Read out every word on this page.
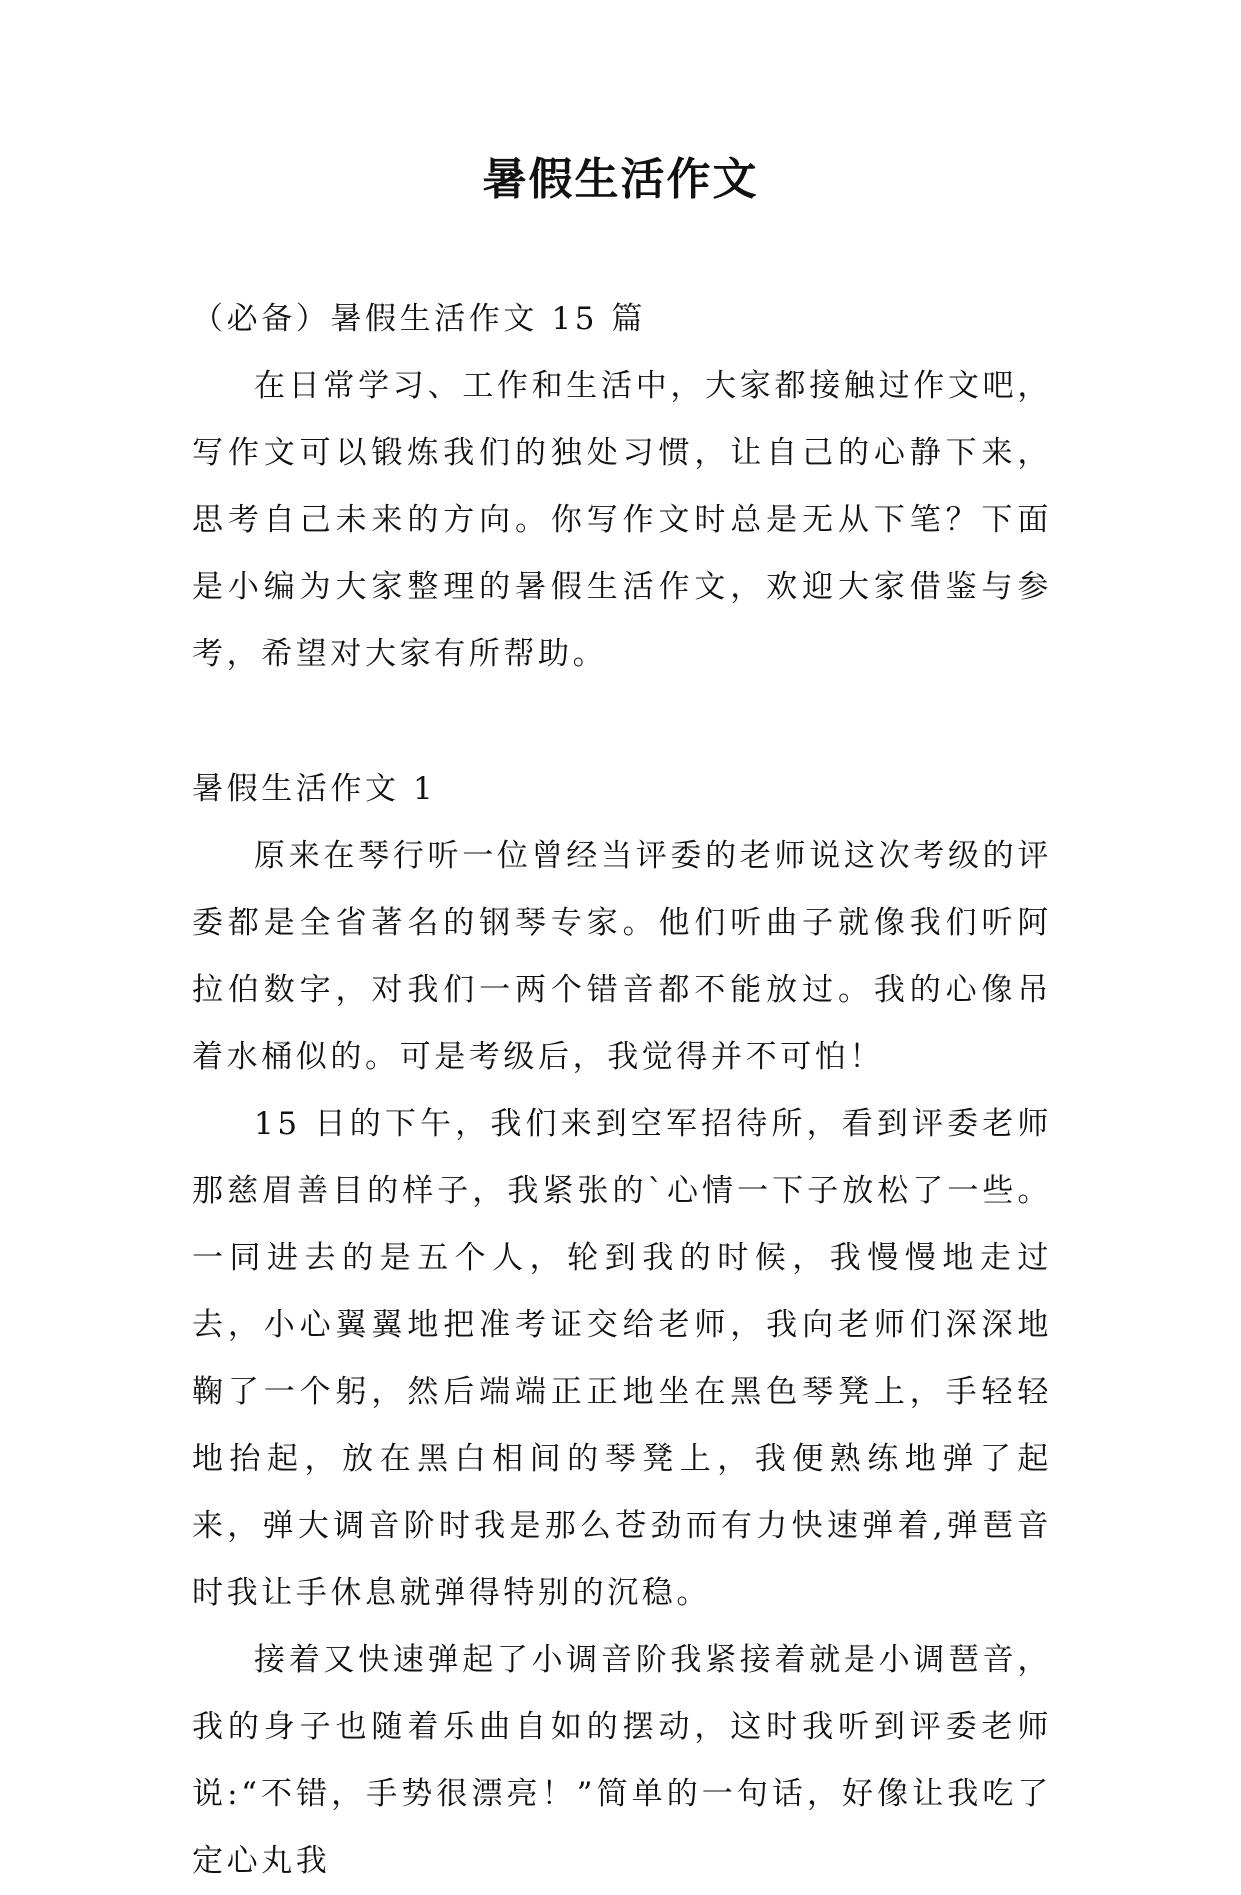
暑假生活作文

（必备）暑假生活作文 15 篇

在日常学习、工作和生活中，大家都接触过作文吧，写作文可以锻炼我们的独处习惯，让自己的心静下来，思考自己未来的方向。你写作文时总是无从下笔？下面是小编为大家整理的暑假生活作文，欢迎大家借鉴与参考，希望对大家有所帮助。

暑假生活作文 1

原来在琴行听一位曾经当评委的老师说这次考级的评委都是全省著名的钢琴专家。他们听曲子就像我们听阿拉伯数字，对我们一两个错音都不能放过。我的心像吊着水桶似的。可是考级后，我觉得并不可怕！

15 日的下午，我们来到空军招待所，看到评委老师那慈眉善目的样子，我紧张的`心情一下子放松了一些。一同进去的是五个人，轮到我的时候，我慢慢地走过去，小心翼翼地把准考证交给老师，我向老师们深深地鞠了一个躬，然后端端正正地坐在黑色琴凳上，手轻轻地抬起，放在黑白相间的琴凳上，我便熟练地弹了起来，弹大调音阶时我是那么苍劲而有力快速弹着,弹琶音时我让手休息就弹得特别的沉稳。

接着又快速弹起了小调音阶我紧接着就是小调琶音，我的身子也随着乐曲自如的摆动，这时我听到评委老师说:“不错，手势很漂亮！”简单的一句话，好像让我吃了定心丸我
